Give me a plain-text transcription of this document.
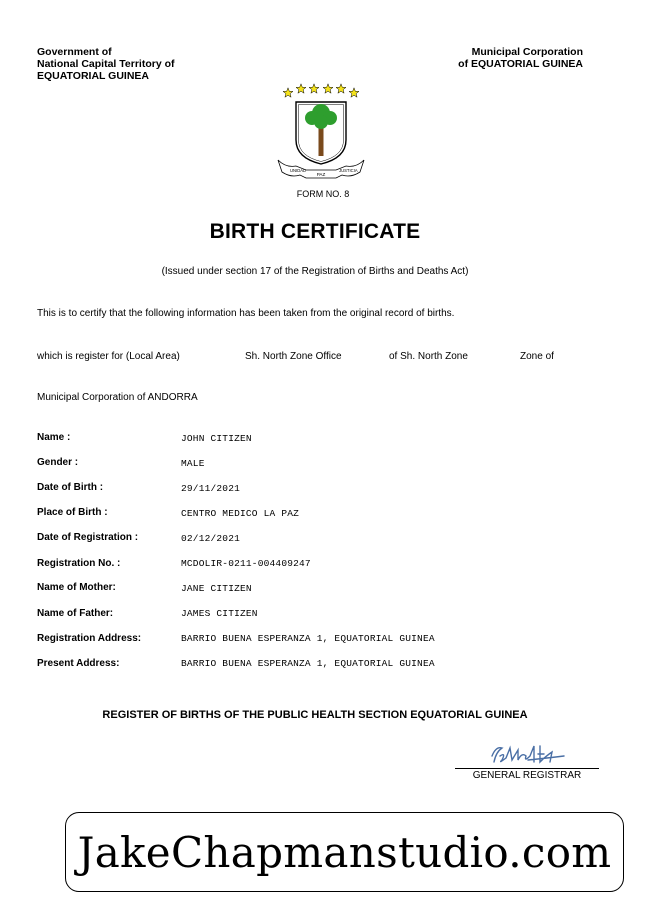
Government of
National Capital Territory of
EQUATORIAL GUINEA
Municipal Corporation
of EQUATORIAL GUINEA
UNIDAD
PAZ
JUSTICIA
FORM NO. 8
BIRTH CERTIFICATE
(Issued under section 17 of the Registration of Births and Deaths Act)
This is to certify that the following information has been taken from the original record of births.
which is register for (Local Area)	Sh. North Zone Office	of Sh. North Zone	Zone of
Municipal Corporation of ANDORRA
Name :	JOHN CITIZEN
Gender :	MALE
Date of Birth :	29/11/2021
Place of Birth :	CENTRO MEDICO LA PAZ
Date of Registration :	02/12/2021
Registration No. :	MCDOLIR-0211-004409247
Name of Mother:	JANE CITIZEN
Name of Father:	JAMES CITIZEN
Registration Address:	BARRIO BUENA ESPERANZA 1, EQUATORIAL GUINEA
Present Address:	BARRIO BUENA ESPERANZA 1, EQUATORIAL GUINEA
REGISTER OF BIRTHS OF THE PUBLIC HEALTH SECTION EQUATORIAL GUINEA
GENERAL REGISTRAR
JakeChapmanstudio.com
